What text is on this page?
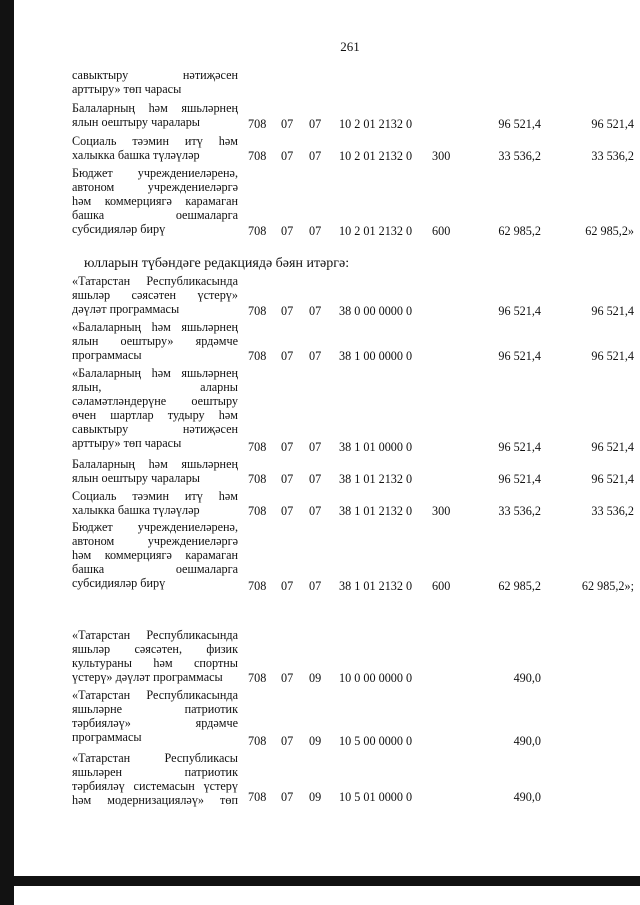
261
савыктыру нәтиҗәсен
арттыру» төп чарасы
Балаларның һәм яшьләрнең
ялын оештыру чаралары	708 07 07 10 2 01 2132 0	96 521,4	96 521,4
Социаль тәэмин итү һәм
халыкка башка түләүләр	708 07 07 10 2 01 2132 0 300	33 536,2	33 536,2
Бюджет учреждениеләренә,
автоном учреждениеләргә
һәм коммерциягә карамаган
башка оешмаларга
субсидияләр бирү	708 07 07 10 2 01 2132 0 600	62 985,2	62 985,2»
юлларын түбәндәге редакциядә бәян итәргә:
«Татарстан Республикасында
яшьләр сәясәтен үстерү»
дәүләт программасы	708 07 07 38 0 00 0000 0	96 521,4	96 521,4
«Балаларның һәм яшьләрнең
ялын оештыру» ярдәмче
программасы	708 07 07 38 1 00 0000 0	96 521,4	96 521,4
«Балаларның һәм яшьләрнең
ялын, аларны
сәламәтләндерүне оештыру
өчен шартлар тудыру һәм
савыктыру нәтиҗәсен
арттыру» төп чарасы	708 07 07 38 1 01 0000 0	96 521,4	96 521,4
Балаларның һәм яшьләрнең
ялын оештыру чаралары	708 07 07 38 1 01 2132 0	96 521,4	96 521,4
Социаль тәэмин итү һәм
халыкка башка түләүләр	708 07 07 38 1 01 2132 0 300	33 536,2	33 536,2
Бюджет учреждениеләренә,
автоном учреждениеләргә
һәм коммерциягә карамаган
башка оешмаларга
субсидияләр бирү	708 07 07 38 1 01 2132 0 600	62 985,2	62 985,2»;
«Татарстан Республикасында
яшьләр сәясәтен, физик
культураны һәм спортны
үстерү» дәүләт программасы	708 07 09 10 0 00 0000 0	490,0
«Татарстан Республикасында
яшьләрне патриотик
тәрбияләү» ярдәмче
программасы	708 07 09 10 5 00 0000 0	490,0
«Татарстан Республикасы
яшьләрен патриотик
тәрбияләү системасын үстерү
һәм модернизацияләү» төп 708 07 09 10 5 01 0000 0	490,0
